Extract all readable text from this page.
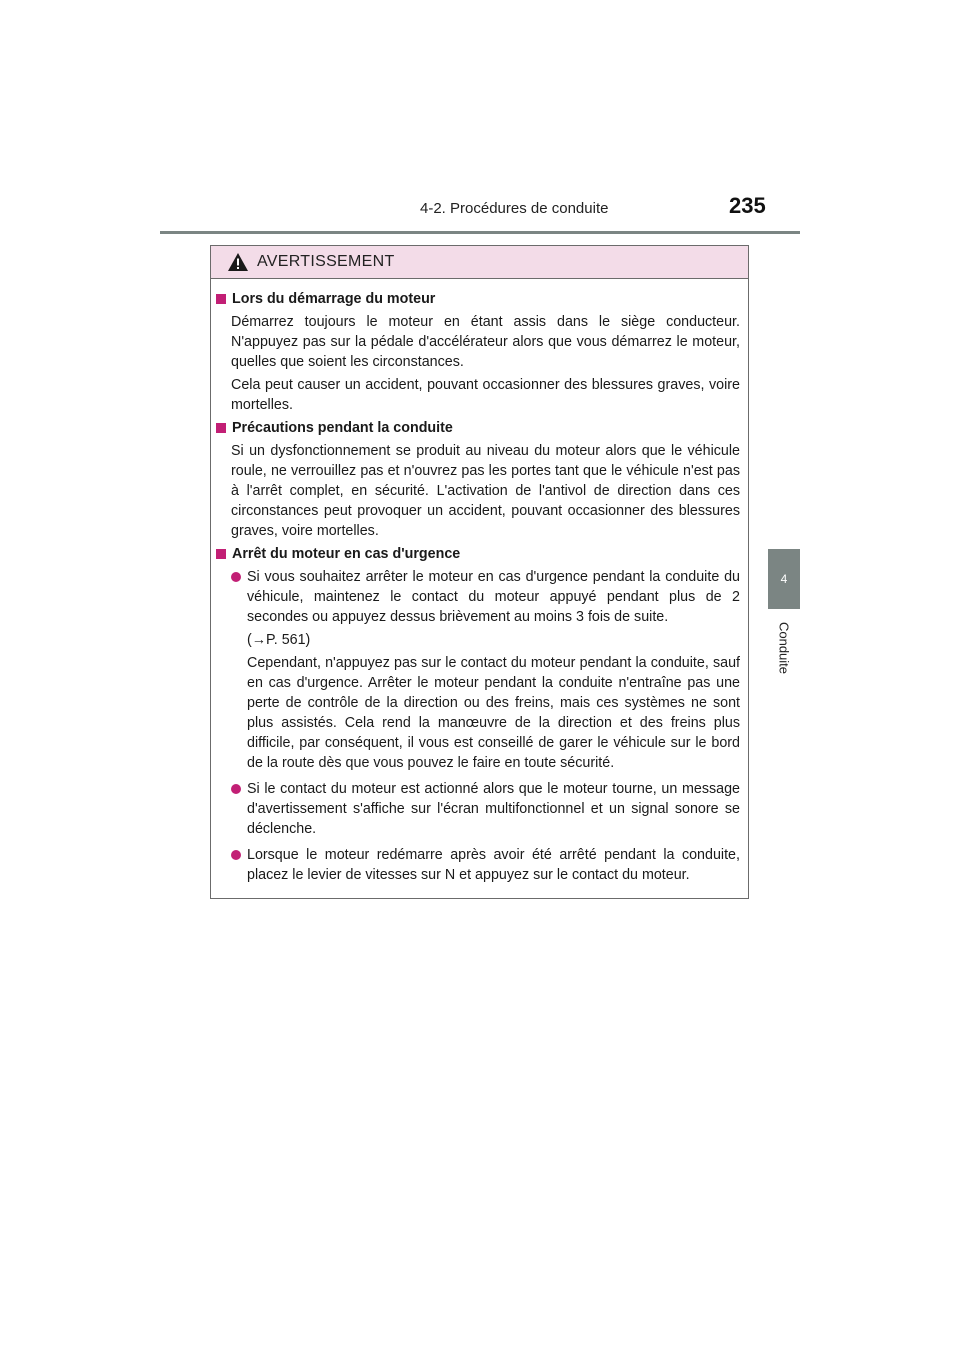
4-2. Procédures de conduite	235
4
Conduite
AVERTISSEMENT
Lors du démarrage du moteur
Démarrez toujours le moteur en étant assis dans le siège conducteur. N'appuyez pas sur la pédale d'accélérateur alors que vous démarrez le moteur, quelles que soient les circonstances.
Cela peut causer un accident, pouvant occasionner des blessures graves, voire mortelles.
Précautions pendant la conduite
Si un dysfonctionnement se produit au niveau du moteur alors que le véhicule roule, ne verrouillez pas et n'ouvrez pas les portes tant que le véhicule n'est pas à l'arrêt complet, en sécurité. L'activation de l'antivol de direction dans ces circonstances peut provoquer un accident, pouvant occasionner des blessures graves, voire mortelles.
Arrêt du moteur en cas d'urgence

Si vous souhaitez arrêter le moteur en cas d'urgence pendant la conduite du véhicule, maintenez le contact du moteur appuyé pendant plus de 2 secondes ou appuyez dessus brièvement au moins 3 fois de suite.

(→P. 561)

Cependant, n'appuyez pas sur le contact du moteur pendant la conduite, sauf en cas d'urgence. Arrêter le moteur pendant la conduite n'entraîne pas une perte de contrôle de la direction ou des freins, mais ces systèmes ne sont plus assistés. Cela rend la manœuvre de la direction et des freins plus difficile, par conséquent, il vous est conseillé de garer le véhicule sur le bord de la route dès que vous pouvez le faire en toute sécurité.

Si le contact du moteur est actionné alors que le moteur tourne, un message d'avertissement s'affiche sur l'écran multifonctionnel et un signal sonore se déclenche.

Lorsque le moteur redémarre après avoir été arrêté pendant la conduite, placez le levier de vitesses sur N et appuyez sur le contact du moteur.
